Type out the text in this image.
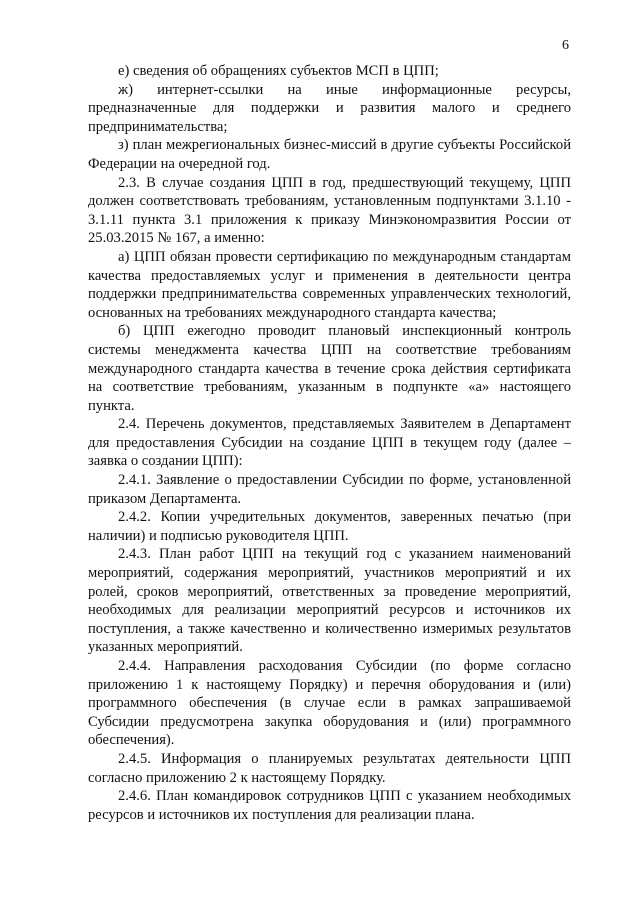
6

е) сведения об обращениях субъектов МСП в ЦПП;

ж) интернет-ссылки на иные информационные ресурсы, предназначенные для поддержки и развития малого и среднего предпринимательства;

з) план межрегиональных бизнес-миссий в другие субъекты Российской Федерации на очередной год.

2.3. В случае создания ЦПП в год, предшествующий текущему, ЦПП должен соответствовать требованиям, установленным подпунктами 3.1.10 - 3.1.11 пункта 3.1 приложения к приказу Минэкономразвития России от 25.03.2015 № 167, а именно:

а) ЦПП обязан провести сертификацию по международным стандартам качества предоставляемых услуг и применения в деятельности центра поддержки предпринимательства современных управленческих технологий, основанных на требованиях международного стандарта качества;

б) ЦПП ежегодно проводит плановый инспекционный контроль системы менеджмента качества ЦПП на соответствие требованиям международного стандарта качества в течение срока действия сертификата на соответствие требованиям, указанным в подпункте «а» настоящего пункта.

2.4. Перечень документов, представляемых Заявителем в Департамент для предоставления Субсидии на создание ЦПП в текущем году (далее – заявка о создании ЦПП):

2.4.1. Заявление о предоставлении Субсидии по форме, установленной приказом Департамента.

2.4.2. Копии учредительных документов, заверенных печатью (при наличии) и подписью руководителя ЦПП.

2.4.3. План работ ЦПП на текущий год с указанием наименований мероприятий, содержания мероприятий, участников мероприятий и их ролей, сроков мероприятий, ответственных за проведение мероприятий, необходимых для реализации мероприятий ресурсов и источников их поступления, а также качественно и количественно измеримых результатов указанных мероприятий.

2.4.4. Направления расходования Субсидии (по форме согласно приложению 1 к настоящему Порядку) и перечня оборудования и (или) программного обеспечения (в случае если в рамках запрашиваемой Субсидии предусмотрена закупка оборудования и (или) программного обеспечения).

2.4.5. Информация о планируемых результатах деятельности ЦПП согласно приложению 2 к настоящему Порядку.

2.4.6. План командировок сотрудников ЦПП с указанием необходимых ресурсов и источников их поступления для реализации плана.
